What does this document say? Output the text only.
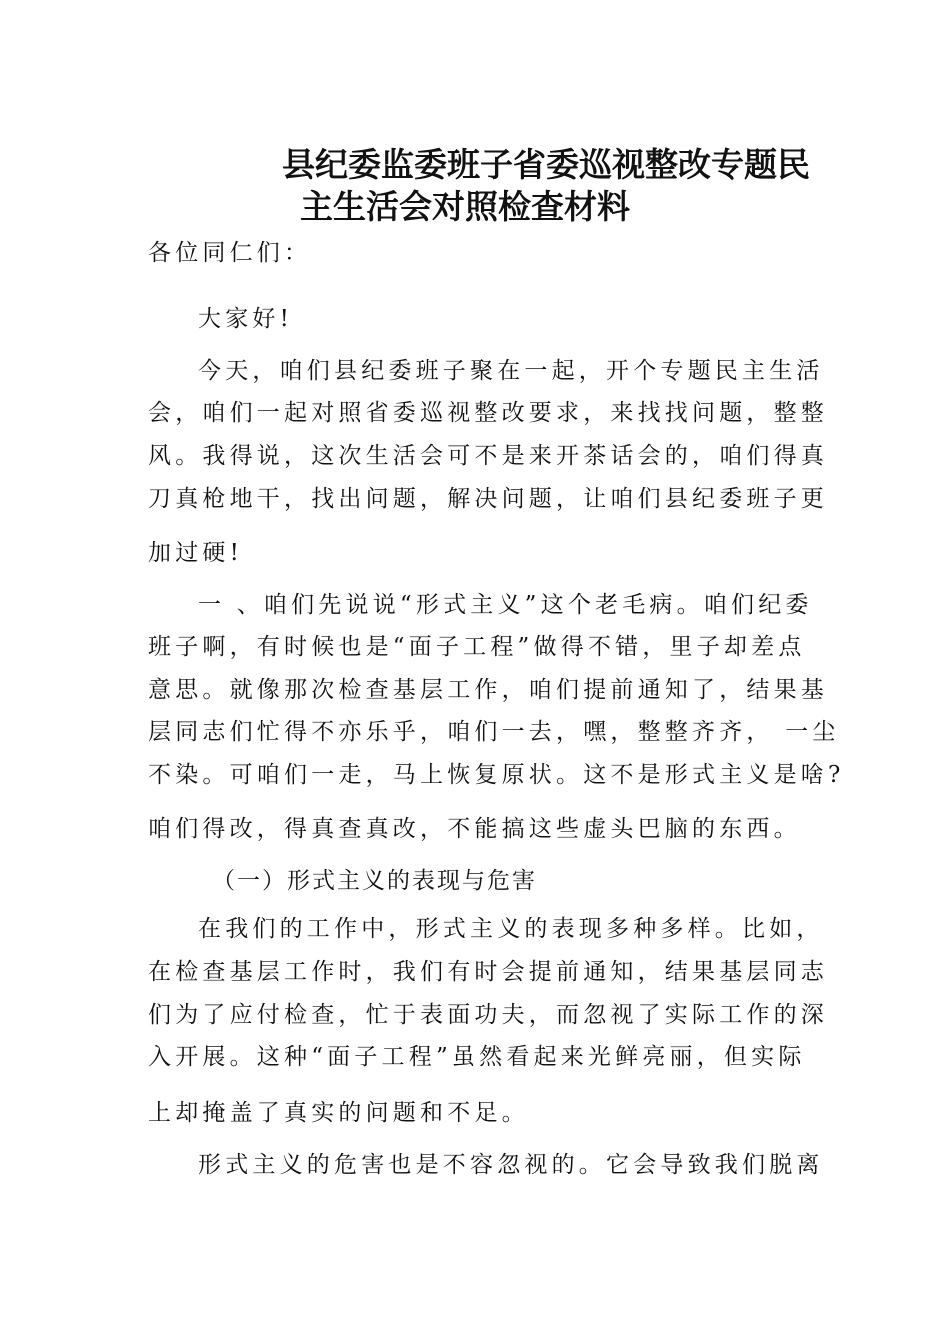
县纪委监委班子省委巡视整改专题民
主生活会对照检查材料

各位同仁们：

大家好!

今天，咱们县纪委班子聚在一起，开个专题民主生活

会，咱们一起对照省委巡视整改要求，来找找问题，整整

风。我得说，这次生活会可不是来开茶话会的，咱们得真

刀真枪地干，找出问题，解决问题，让咱们县纪委班子更

加过硬!

一 、咱们先说说“形式主义”这个老毛病。咱们纪委

班子啊，有时候也是“面子工程”做得不错，里子却差点

意思。就像那次检查基层工作，咱们提前通知了，结果基

层同志们忙得不亦乐乎，咱们一去，嘿，整整齐齐， 一尘

不染。可咱们一走，马上恢复原状。这不是形式主义是啥?

咱们得改，得真查真改，不能搞这些虚头巴脑的东西。

（一）形式主义的表现与危害

在我们的工作中，形式主义的表现多种多样。比如，

在检查基层工作时，我们有时会提前通知，结果基层同志

们为了应付检查，忙于表面功夫，而忽视了实际工作的深

入开展。这种“面子工程”虽然看起来光鲜亮丽，但实际

上却掩盖了真实的问题和不足。

形式主义的危害也是不容忽视的。它会导致我们脱离
